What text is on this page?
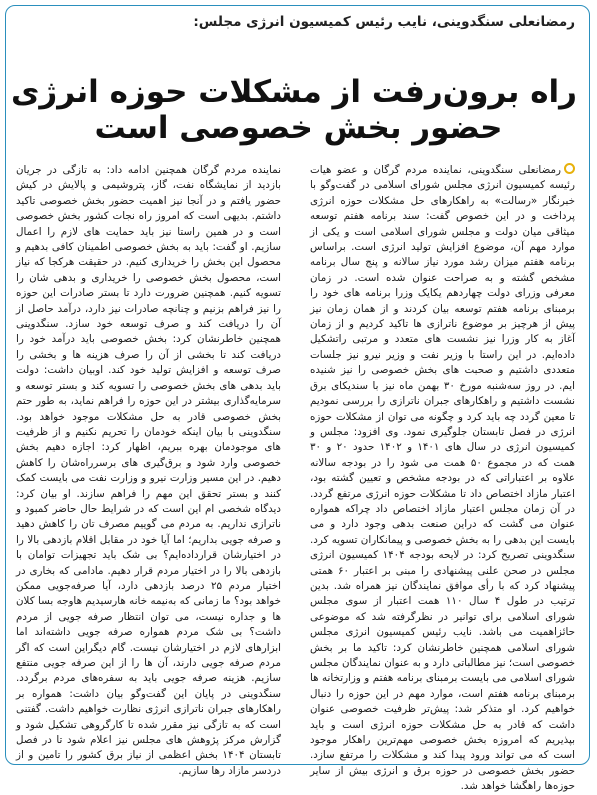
رمضانعلی سنگدوینی، نایب رئیس کمیسیون انرژی مجلس:
راه برون‌رفت از مشکلات حوزه انرژی
حضور بخش خصوصی است

رمضانعلی سنگدوینی، نماینده مردم گرگان و عضو هیات رئیسه کمیسیون انرژی مجلس شورای اسلامی در گفت‌وگو با خبرنگار «رسالت» به راهکارهای حل مشکلات حوزه انرژی پرداخت و در این خصوص گفت: سند برنامه هفتم توسعه میثاقی میان دولت و مجلس شورای اسلامی است و یکی از موارد مهم آن، موضوع افزایش تولید انرژی است. براساس برنامه هفتم میزان رشد مورد نیاز سالانه و پنج سال برنامه مشخص گشته و به صراحت عنوان شده است. در زمان معرفی وزرای دولت چهاردهم یکایک وزرا برنامه های خود را برمبنای برنامه هفتم توسعه بیان کردند و از همان زمان نیز پیش از هرچیز بر موضوع ناترازی ها تاکید کردیم و از زمان آغاز به کار وزرا نیز نشست های متعدد و مرتبی راتشکیل داده‌ایم. در این راستا با وزیر نفت و وزیر نیرو نیز جلسات متعددی داشتیم و صحبت های بخش خصوصی را نیز شنیده ایم. در روز سه‌شنبه مورخ ۳۰ بهمن ماه نیز با سندیکای برق نشست داشتیم و راهکارهای جبران ناترازی را بررسی نمودیم تا معین گردد چه باید کرد و چگونه می توان از مشکلات حوزه انرژی در فصل تابستان جلوگیری نمود. وی افزود: مجلس و کمیسیون انرژی در سال های ۱۴۰۱ و ۱۴۰۲ حدود ۲۰ و ۳۰ همت که در مجموع ۵۰ همت می شود را در بودجه سالانه علاوه بر اعتباراتی که در بودجه مشخص و تعیین گشته بود، اعتبار مازاد اختصاص داد تا مشکلات حوزه انرژی مرتفع گردد. در آن زمان مجلس اعتبار مازاد اختصاص داد چراکه همواره عنوان می گشت که دراین صنعت بدهی وجود دارد و می بایست این بدهی را به بخش خصوصی و پیمانکاران تسویه کرد. سنگدوینی تصریح کرد: در لایحه بودجه ۱۴۰۴ کمیسیون انرژی مجلس در صحن علنی پیشنهادی را مبنی بر اعتبار ۶۰ همتی پیشنهاد کرد که با رأی موافق نمایندگان نیز همراه شد. بدین ترتیب در طول ۴ سال ۱۱۰ همت اعتبار از سوی مجلس شورای اسلامی برای توانیر در نظرگرفته شد که موضوعی حائزاهمیت می باشد. نایب رئیس کمیسیون انرژی مجلس شورای اسلامی همچنین خاطرنشان کرد: تاکید ما بر بخش خصوصی است؛ نیز مطالباتی دارد و به عنوان نمایندگان مجلس شورای اسلامی می بایست برمبنای برنامه هفتم و وزارتخانه ها برمبنای برنامه هفتم است، موارد مهم در این حوزه را دنبال خواهیم کرد. او متذکر شد: پیش‌تر ظرفیت خصوصی عنوان داشت که قادر به حل مشکلات حوزه انرژی است و باید بپذیریم که امروزه بخش خصوصی مهم‌ترین راهکار موجود است که می تواند ورود پیدا کند و مشکلات را مرتفع سازد. حضور بخش خصوصی در حوزه برق و انرژی بیش از سایر حوزه‌ها راهگشا خواهد شد.

نماینده مردم گرگان همچنین ادامه داد: به تازگی در جریان بازدید از نمایشگاه نفت، گاز، پتروشیمی و پالایش در کیش حضور یافتم و در آنجا نیز اهمیت حضور بخش خصوصی تاکید داشتم. بدیهی است که امروز راه نجات کشور بخش خصوصی است و در همین راستا نیز باید حمایت های لازم را اعمال سازیم. او گفت: باید به بخش خصوصی اطمینان کافی بدهیم و محصول این بخش را خریداری کنیم. در حقیقت هرکجا که نیاز است، محصول بخش خصوصی را خریداری و بدهی شان را تسویه کنیم. همچنین ضرورت دارد تا بستر صادرات این حوزه را نیز فراهم بزنیم و چنانچه صادرات نیز دارد، درآمد حاصل از آن را دریافت کند و صرف توسعه خود سازد. سنگدوینی همچنین خاطرنشان کرد: بخش خصوصی باید درآمد خود را دریافت کند تا بخشی از آن را صرف هزینه ها و بخشی را صرف توسعه و افزایش تولید خود کند. اوبیان داشت: دولت باید بدهی های بخش خصوصی را تسویه کند و بستر توسعه و سرمایه‌گذاری بیشتر در این حوزه را فراهم نماید، به طور حتم بخش خصوصی قادر به حل مشکلات موجود خواهد بود. سنگدوینی با بیان اینکه خودمان را تحریم نکنیم و از ظرفیت های موجودمان بهره ببریم، اظهار کرد: اجازه دهیم بخش خصوصی وارد شود و برق‌گیری های برسرراه‌شان را کاهش دهیم. در این مسیر وزارت نیرو و وزارت نفت می بایست کمک کنند و بستر تحقق این مهم را فراهم سازند. او بیان کرد: دیدگاه شخصی ام این است که در شرایط حال حاضر کمبود و ناترازی نداریم. به مردم می گوییم مصرف تان را کاهش دهید و صرفه جویی بداریم؛ اما آیا خود در مقابل اقلام بازدهی بالا را در اختیارشان قرارداده‌ایم؟ بی شک باید تجهیزات توامان با بازدهی بالا را در اختیار مردم قرار دهیم. مادامی که بخاری در اختیار مردم ۲۵ درصد بازدهی دارد، آیا صرفه‌جویی ممکن خواهد بود؟ ما زمانی که به‌نیمه خانه هارسیدیم هاوجه بسا کلان ها و جداره نیست، می توان انتظار صرفه جویی از مردم داشت؟ بی شک مردم همواره صرفه جویی داشته‌اند اما ابزارهای لازم در اختیارشان نیست. گام دیگراین است که اگر مردم صرفه جویی دارند، آن ها را از این صرفه جویی منتفع سازیم. هزینه صرفه جویی باید به سفره‌های مردم برگردد. سنگدوینی در پایان این گفت‌وگو بیان داشت: همواره بر راهکارهای جبران ناترازی انرژی نظارت خواهیم داشت. گفتنی است که به تازگی نیز مقرر شده تا کارگروهی تشکیل شود و گزارش مرکز پژوهش های مجلس نیز اعلام شود تا در فصل تابستان ۱۴۰۴ بخش اعظمی از نیاز برق کشور را تامین و از دردسر مازاد رها سازیم.
